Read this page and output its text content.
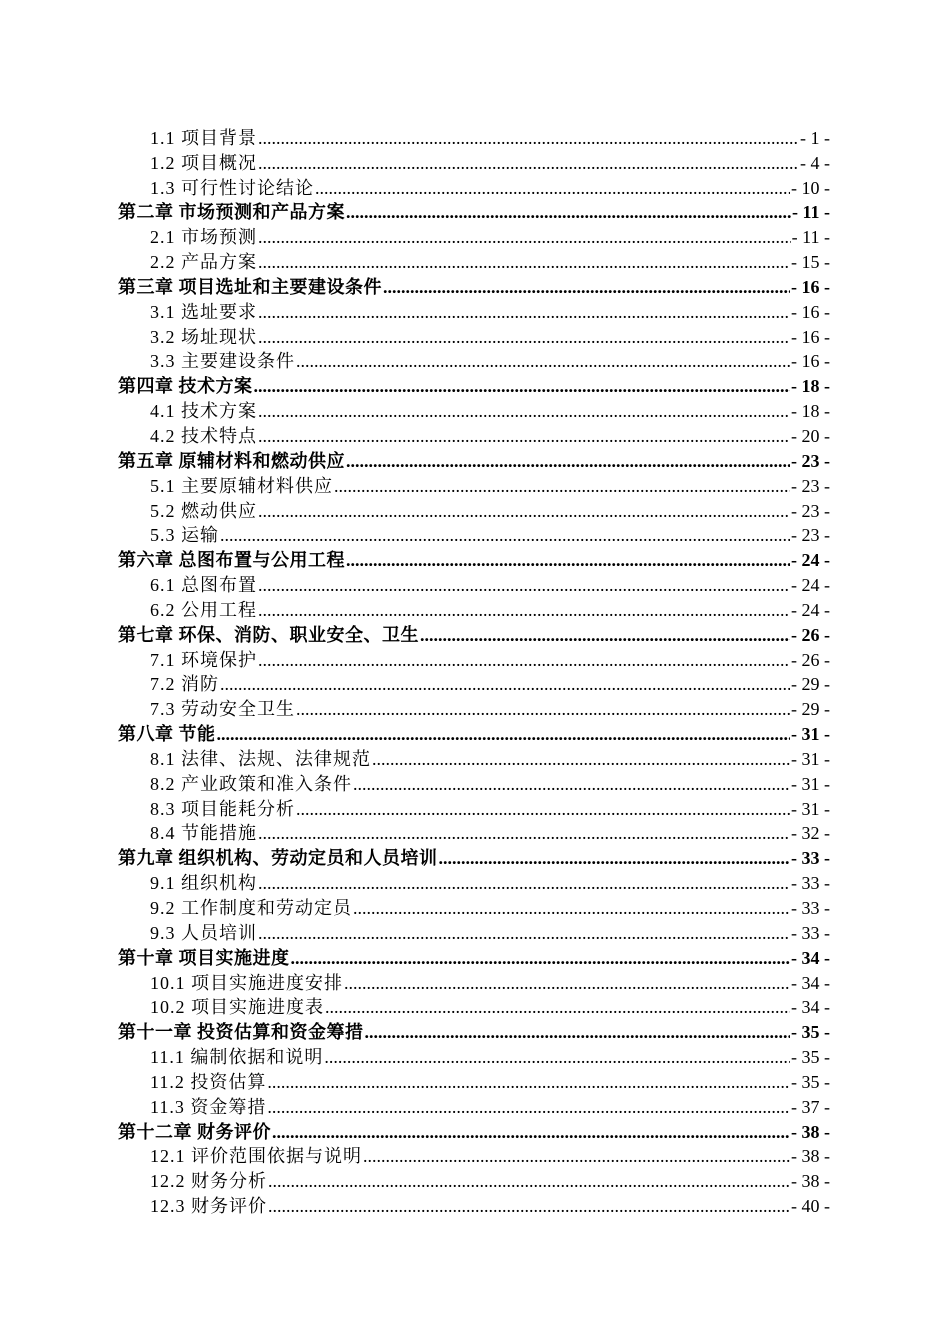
1.1 项目背景 .....	- 1 -
1.2 项目概况 .....	- 4 -
1.3 可行性讨论结论 .....	- 10 -
第二章 市场预测和产品方案 .....	- 11 -
2.1 市场预测 .....	- 11 -
2.2 产品方案 .....	- 15 -
第三章 项目选址和主要建设条件 .....	- 16 -
3.1 选址要求 .....	- 16 -
3.2 场址现状 .....	- 16 -
3.3 主要建设条件 .....	- 16 -
第四章 技术方案 .....	- 18 -
4.1 技术方案 .....	- 18 -
4.2 技术特点 .....	- 20 -
第五章 原辅材料和燃动供应 .....	- 23 -
5.1 主要原辅材料供应 .....	- 23 -
5.2 燃动供应 .....	- 23 -
5.3 运输 .....	- 23 -
第六章 总图布置与公用工程 .....	- 24 -
6.1 总图布置 .....	- 24 -
6.2 公用工程 .....	- 24 -
第七章 环保、消防、职业安全、卫生 .....	- 26 -
7.1 环境保护 .....	- 26 -
7.2 消防 .....	- 29 -
7.3 劳动安全卫生 .....	- 29 -
第八章 节能 .....	- 31 -
8.1 法律、法规、法律规范 .....	- 31 -
8.2 产业政策和准入条件 .....	- 31 -
8.3 项目能耗分析 .....	- 31 -
8.4 节能措施 .....	- 32 -
第九章 组织机构、劳动定员和人员培训 .....	- 33 -
9.1 组织机构 .....	- 33 -
9.2 工作制度和劳动定员 .....	- 33 -
9.3 人员培训 .....	- 33 -
第十章 项目实施进度 .....	- 34 -
10.1 项目实施进度安排 .....	- 34 -
10.2 项目实施进度表 .....	- 34 -
第十一章 投资估算和资金筹措 .....	- 35 -
11.1 编制依据和说明 .....	- 35 -
11.2 投资估算 .....	- 35 -
11.3 资金筹措 .....	- 37 -
第十二章 财务评价 .....	- 38 -
12.1 评价范围依据与说明 .....	- 38 -
12.2 财务分析 .....	- 38 -
12.3 财务评价 .....	- 40 -
